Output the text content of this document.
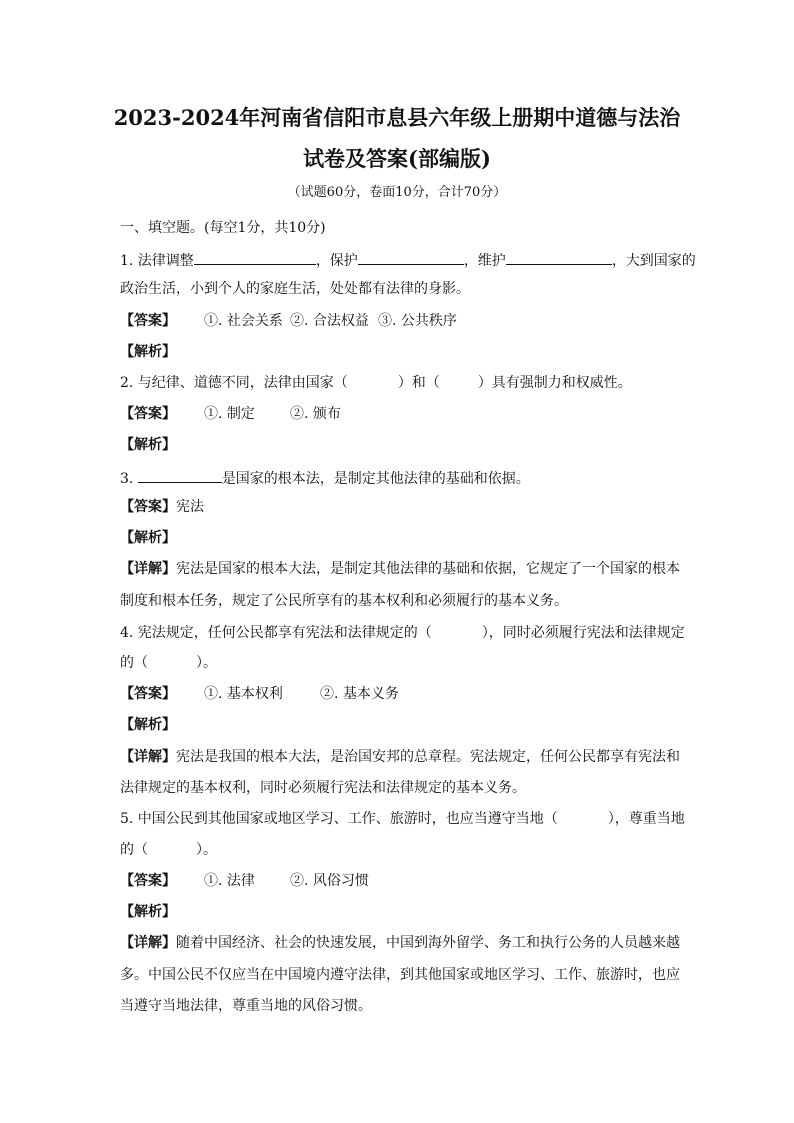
2023-2024年河南省信阳市息县六年级上册期中道德与法治
试卷及答案(部编版)
（试题60分，卷面10分，合计70分）
一、填空题。(每空1分，共10分)
1. 法律调整	，保护	，维护	，大到国家的
政治生活，小到个人的家庭生活，处处都有法律的身影。
【答案】 ①. 社会关系 ②. 合法权益 ③. 公共秩序
【解析】
2. 与纪律、道德不同，法律由国家（	）和（	）具有强制力和权威性。
【答案】 ①. 制定	②. 颁布
【解析】
3.	是国家的根本法，是制定其他法律的基础和依据。
【答案】宪法
【解析】
【详解】宪法是国家的根本大法，是制定其他法律的基础和依据，它规定了一个国家的根本
制度和根本任务，规定了公民所享有的基本权利和必须履行的基本义务。
4. 宪法规定，任何公民都享有宪法和法律规定的（	），同时必须履行宪法和法律规定
的（	）。
【答案】 ①. 基本权利	②. 基本义务
【解析】
【详解】宪法是我国的根本大法，是治国安邦的总章程。宪法规定，任何公民都享有宪法和
法律规定的基本权利，同时必须履行宪法和法律规定的基本义务。
5. 中国公民到其他国家或地区学习、工作、旅游时，也应当遵守当地（	），尊重当地
的（	）。
【答案】 ①. 法律	②. 风俗习惯
【解析】
【详解】随着中国经济、社会的快速发展，中国到海外留学、务工和执行公务的人员越来越
多。中国公民不仅应当在中国境内遵守法律，到其他国家或地区学习、工作、旅游时，也应
当遵守当地法律，尊重当地的风俗习惯。
